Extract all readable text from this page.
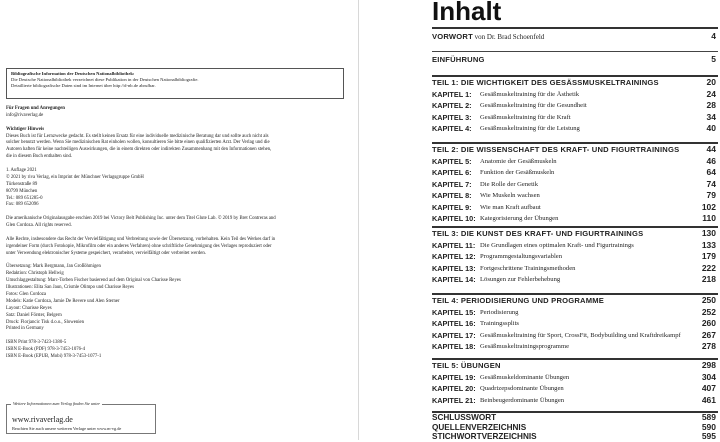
Bibliografische Information der Deutschen Nationalbibliothek:
Die Deutsche Nationalbibliothek verzeichnet diese Publikation in der Deutschen Nationalbibliografie.
Detaillierte bibliografische Daten sind im Internet über http://d-nb.de abrufbar.
Für Fragen und Anregungen
info@rivaverlag.de
Wichtiger Hinweis
Dieses Buch ist für Lernzwecke gedacht. Es stellt keinen Ersatz für eine individuelle medizinische Beratung dar und sollte auch nicht als
solcher benutzt werden. Wenn Sie medizinischen Rat einholen wollen, konsultieren Sie bitte einen qualifizierten Arzt. Der Verlag und die
Autoren haften für keine nachteiligen Auswirkungen, die in einem direkten oder indirekten Zusammenhang mit den Informationen stehen,
die in diesem Buch enthalten sind.
1. Auflage 2021
© 2021 by riva Verlag, ein Imprint der Münchner Verlagsgruppe GmbH
Türkenstraße 89
80799 München
Tel.: 089 651285-0
Fax: 089 652096
Die amerikanische Originalausgabe erschien 2019 bei Victory Belt Publishing Inc. unter dem Titel Glute Lab. © 2019 by Bret Contreras and
Glen Cordoza. All rights reserved.
Alle Rechte, insbesondere das Recht der Vervielfältigung und Verbreitung sowie der Übersetzung, vorbehalten. Kein Teil des Werkes darf in
irgendeiner Form (durch Fotokopie, Mikrofilm oder ein anderes Verfahren) ohne schriftliche Genehmigung des Verlages reproduziert oder
unter Verwendung elektronischer Systeme gespeichert, verarbeitet, vervielfältigt oder verbreitet werden.
Übersetzung: Mark Bergmann, Jan Großöhmigen
Redaktion: Christoph Hellwig
Umschlaggestaltung: Marc-Torben Fischer basierend auf dem Original von Charisse Reyes
Illustrationen: Elita San Jaun, Crismle Olimpo und Charisse Reyes
Fotos: Glen Cordoza
Models: Katie Cordoza, Jamie De Revere und Alen Sterner
Layout: Charisse Reyes
Satz: Daniel Förster, Belgern
Druck: Florjancic Tisk d.o.o., Slowenien
Printed in Germany
ISBN Print 978-3-7423-1380-5
ISBN E-Book (PDF) 978-3-7453-1076-4
ISBN E-Book (EPUB, Mobi) 978-3-7453-1077-1
Weitere Informationen zum Verlag finden Sie unter
www.rivaverlag.de
Beachten Sie auch unsere weiteren Verlage unter www.m-vg.de
Inhalt
VORWORT von Dr. Brad Schoenfeld	4
EINFÜHRUNG	5
TEIL 1: DIE WICHTIGKEIT DES GESÄSSMUSKELTRAININGS	20
KAPITEL 1: Gesäßmuskeltraining für die Ästhetik	24
KAPITEL 2: Gesäßmuskeltraining für die Gesundheit	28
KAPITEL 3: Gesäßmuskeltraining für die Kraft	34
KAPITEL 4: Gesäßmuskeltraining für die Leistung	40
TEIL 2: DIE WISSENSCHAFT DES KRAFT- UND FIGURTRAININGS	44
KAPITEL 5: Anatomie der Gesäßmuskeln	46
KAPITEL 6: Funktion der Gesäßmuskeln	64
KAPITEL 7: Die Rolle der Genetik	74
KAPITEL 8: Wie Muskeln wachsen	79
KAPITEL 9: Wie man Kraft aufbaut	102
KAPITEL 10: Kategorisierung der Übungen	110
TEIL 3: DIE KUNST DES KRAFT- UND FIGURTRAININGS	130
KAPITEL 11: Die Grundlagen eines optimalen Kraft- und Figurtrainings	133
KAPITEL 12: Programmgestaltungsvariablen	179
KAPITEL 13: Fortgeschrittene Trainingsmethoden	222
KAPITEL 14: Lösungen zur Fehlerbehebung	218
TEIL 4: PERIODISIERUNG UND PROGRAMME	250
KAPITEL 15: Periodisierung	252
KAPITEL 16: Trainingssplits	260
KAPITEL 17: Gesäßmuskeltraining für Sport, CrossFit, Bodybuilding und Kraftdreikampf 267
KAPITEL 18: Gesäßmuskeltrainingsprogramme	278
TEIL 5: ÜBUNGEN	298
KAPITEL 19: Gesäßmuskeldominante Übungen	304
KAPITEL 20: Quadrizepsdominante Übungen	407
KAPITEL 21: Beinbeugerdominante Übungen	461
SCHLUSSWORT	589
QUELLENVERZEICHNIS	590
STICHWORTVERZEICHNIS	595
